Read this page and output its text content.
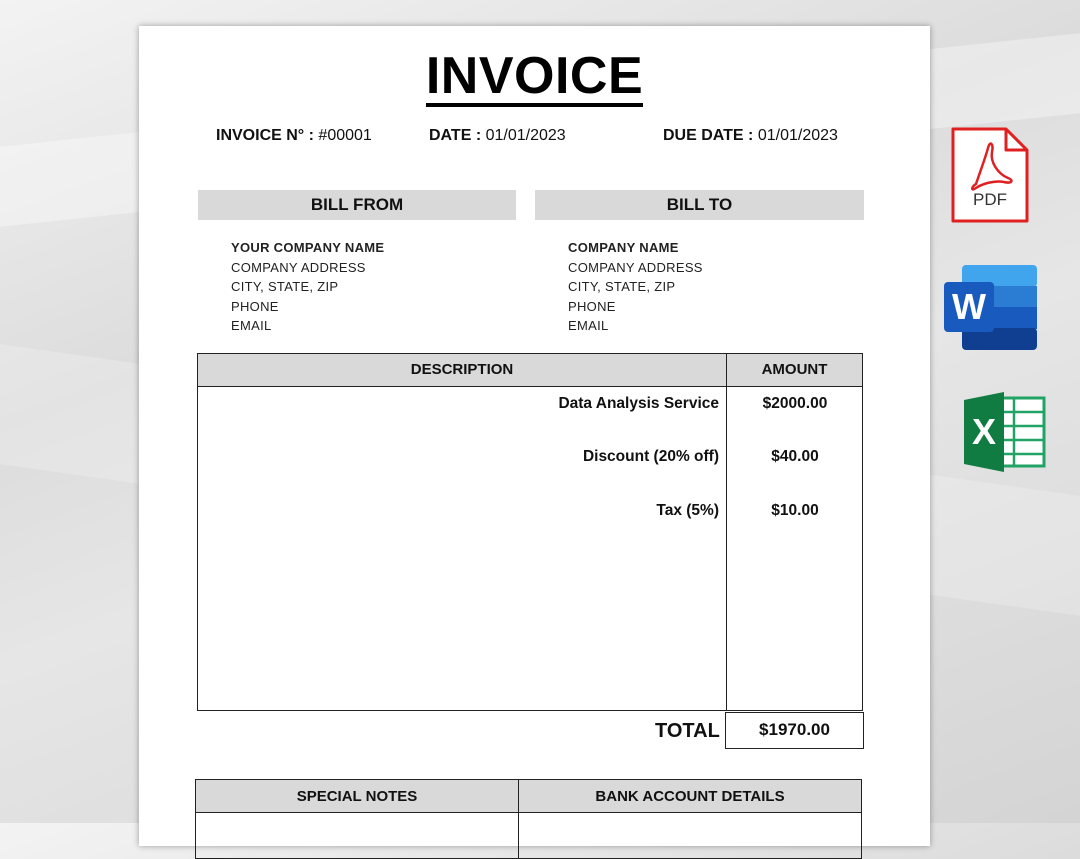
INVOICE
INVOICE N° : #00001	DATE : 01/01/2023	DUE DATE : 01/01/2023
BILL FROM	BILL TO
YOUR COMPANY NAME
COMPANY ADDRESS
CITY, STATE, ZIP
PHONE
EMAIL
COMPANY NAME
COMPANY ADDRESS
CITY, STATE, ZIP
PHONE
EMAIL
DESCRIPTION	AMOUNT
Data Analysis Service	$2000.00
Discount (20% off)	$40.00
Tax (5%)	$10.00
TOTAL	$1970.00
SPECIAL NOTES	BANK ACCOUNT DETAILS
PDF
W
X
